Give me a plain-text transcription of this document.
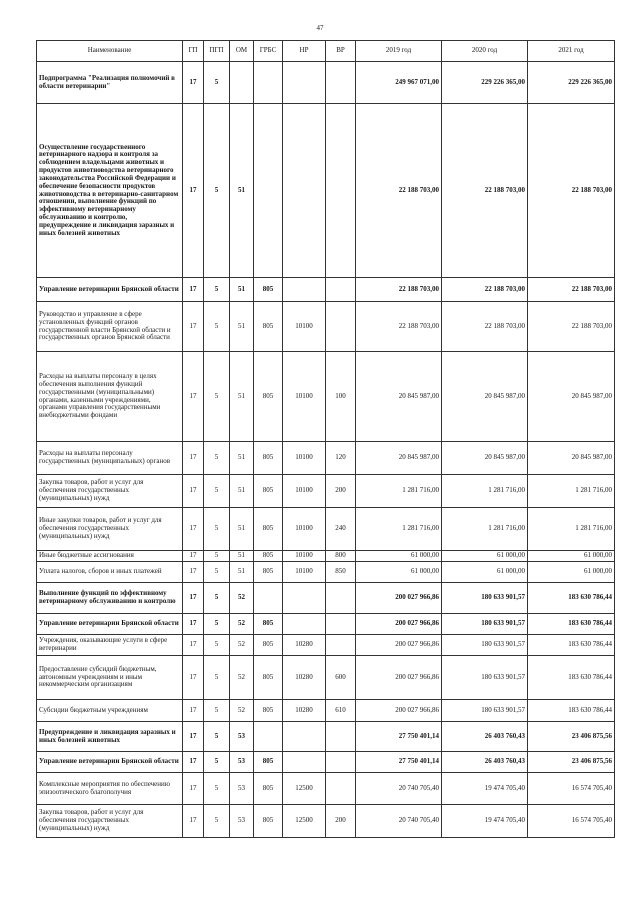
47
Наименование	ГП	ПГП	ОМ	ГРБС	НР	ВР	2019 год	2020 год	2021 год
Подпрограмма "Реализация полномочий в области ветеринарии"	17	5					249 967 071,00	229 226 365,00	229 226 365,00
Осуществление государственного ветеринарного надзора и контроля за соблюдением владельцами животных и продуктов животноводства ветеринарного законодательства Российской Федерации и обеспечение безопасности продуктов животноводства в ветеринарно-санитарном отношении, выполнение функций по эффективному ветеринарному обслуживанию и контролю, предупреждение и ликвидация заразных и иных болезней животных	17	5	51				22 188 703,00	22 188 703,00	22 188 703,00
Управление ветеринарии Брянской области	17	5	51	805			22 188 703,00	22 188 703,00	22 188 703,00
Руководство и управление в сфере установленных функций органов государственной власти Брянской области и государственных органов Брянской области	17	5	51	805	10100		22 188 703,00	22 188 703,00	22 188 703,00
Расходы на выплаты персоналу в целях обеспечения выполнения функций государственными (муниципальными) органами, казенными учреждениями, органами управления государственными внебюджетными фондами	17	5	51	805	10100	100	20 845 987,00	20 845 987,00	20 845 987,00
Расходы на выплаты персоналу государственных (муниципальных) органов	17	5	51	805	10100	120	20 845 987,00	20 845 987,00	20 845 987,00
Закупка товаров, работ и услуг для обеспечения государственных (муниципальных) нужд	17	5	51	805	10100	200	1 281 716,00	1 281 716,00	1 281 716,00
Иные закупки товаров, работ и услуг для обеспечения государственных (муниципальных) нужд	17	5	51	805	10100	240	1 281 716,00	1 281 716,00	1 281 716,00
Иные бюджетные ассигнования	17	5	51	805	10100	800	61 000,00	61 000,00	61 000,00
Уплата налогов, сборов и иных платежей	17	5	51	805	10100	850	61 000,00	61 000,00	61 000,00
Выполнение функций по эффективному ветеринарному обслуживанию и контролю	17	5	52				200 027 966,86	180 633 901,57	183 630 786,44
Управление ветеринарии Брянской области	17	5	52	805			200 027 966,86	180 633 901,57	183 630 786,44
Учреждения, оказывающие услуги в сфере ветеринарии	17	5	52	805	10280		200 027 966,86	180 633 901,57	183 630 786,44
Предоставление субсидий бюджетным, автономным учреждениям и иным некоммерческим организациям	17	5	52	805	10280	600	200 027 966,86	180 633 901,57	183 630 786,44
Субсидии бюджетным учреждениям	17	5	52	805	10280	610	200 027 966,86	180 633 901,57	183 630 786,44
Предупреждение и ликвидация заразных и иных болезней животных	17	5	53				27 750 401,14	26 403 760,43	23 406 875,56
Управление ветеринарии Брянской области	17	5	53	805			27 750 401,14	26 403 760,43	23 406 875,56
Комплексные мероприятия по обеспечению эпизоотического благополучия	17	5	53	805	12500		20 740 705,40	19 474 705,40	16 574 705,40
Закупка товаров, работ и услуг для обеспечения государственных (муниципальных) нужд	17	5	53	805	12500	200	20 740 705,40	19 474 705,40	16 574 705,40
